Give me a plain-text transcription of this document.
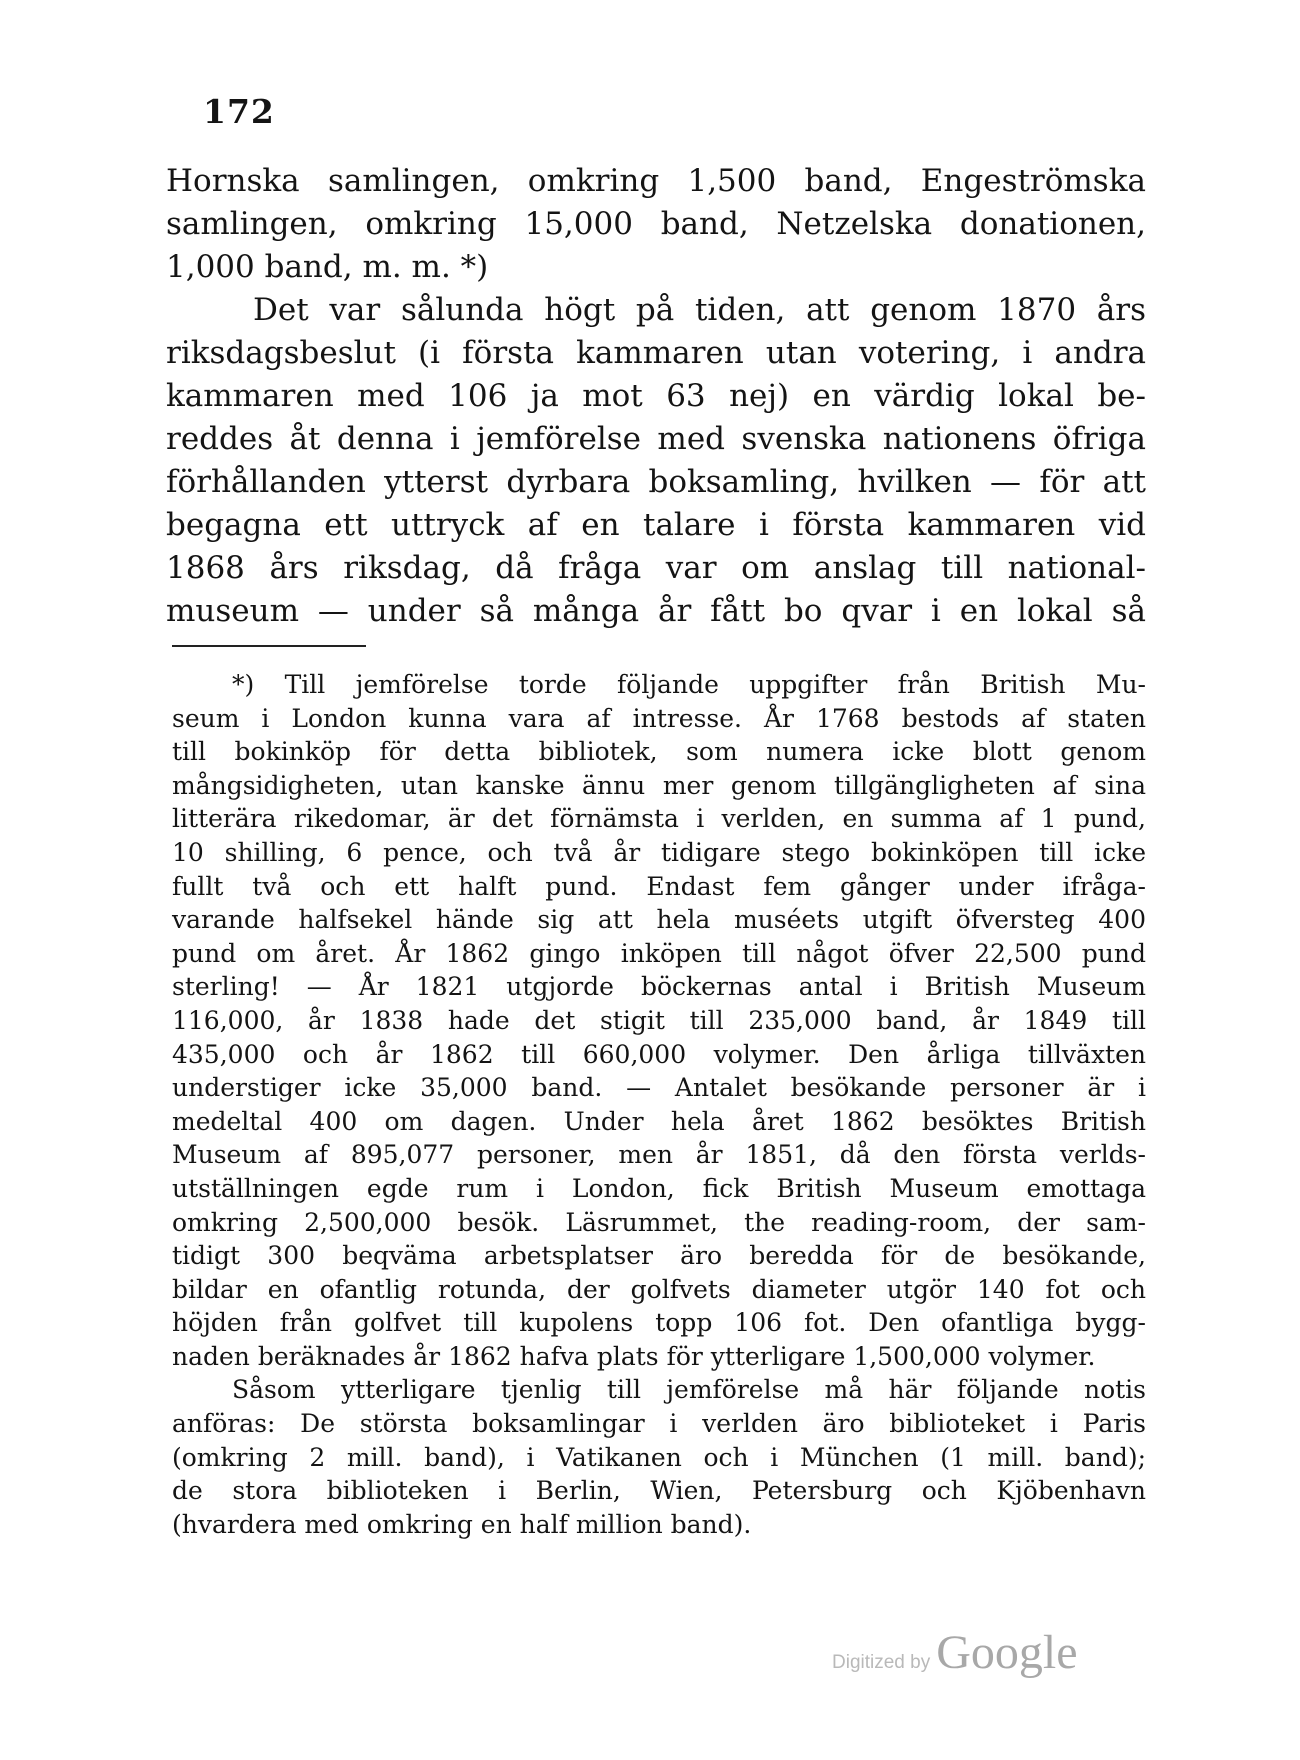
172
Hornska samlingen, omkring 1,500 band, Engeströmska
samlingen, omkring 15,000 band, Netzelska donationen,
1,000 band, m. m. *)
Det var sålunda högt på tiden, att genom 1870 års
riksdagsbeslut (i första kammaren utan votering, i andra
kammaren med 106 ja mot 63 nej) en värdig lokal be-
reddes åt denna i jemförelse med svenska nationens öfriga
förhållanden ytterst dyrbara boksamling, hvilken — för att
begagna ett uttryck af en talare i första kammaren vid
1868 års riksdag, då fråga var om anslag till national-
museum — under så många år fått bo qvar i en lokal så
*) Till jemförelse torde följande uppgifter från British Mu-
seum i London kunna vara af intresse. År 1768 bestods af staten
till bokinköp för detta bibliotek, som numera icke blott genom
mångsidigheten, utan kanske ännu mer genom tillgängligheten af sina
litterära rikedomar, är det förnämsta i verlden, en summa af 1 pund,
10 shilling, 6 pence, och två år tidigare stego bokinköpen till icke
fullt två och ett halft pund. Endast fem gånger under ifråga-
varande halfsekel hände sig att hela muséets utgift öfversteg 400
pund om året. År 1862 gingo inköpen till något öfver 22,500 pund
sterling! — År 1821 utgjorde böckernas antal i British Museum
116,000, år 1838 hade det stigit till 235,000 band, år 1849 till
435,000 och år 1862 till 660,000 volymer. Den årliga tillväxten
understiger icke 35,000 band. — Antalet besökande personer är i
medeltal 400 om dagen. Under hela året 1862 besöktes British
Museum af 895,077 personer, men år 1851, då den första verlds-
utställningen egde rum i London, fick British Museum emottaga
omkring 2,500,000 besök. Läsrummet, the reading-room, der sam-
tidigt 300 beqväma arbetsplatser äro beredda för de besökande,
bildar en ofantlig rotunda, der golfvets diameter utgör 140 fot och
höjden från golfvet till kupolens topp 106 fot. Den ofantliga bygg-
naden beräknades år 1862 hafva plats för ytterligare 1,500,000 volymer.
Såsom ytterligare tjenlig till jemförelse må här följande notis
anföras: De största boksamlingar i verlden äro biblioteket i Paris
(omkring 2 mill. band), i Vatikanen och i München (1 mill. band);
de stora biblioteken i Berlin, Wien, Petersburg och Kjöbenhavn
(hvardera med omkring en half million band).
Digitized by Google
